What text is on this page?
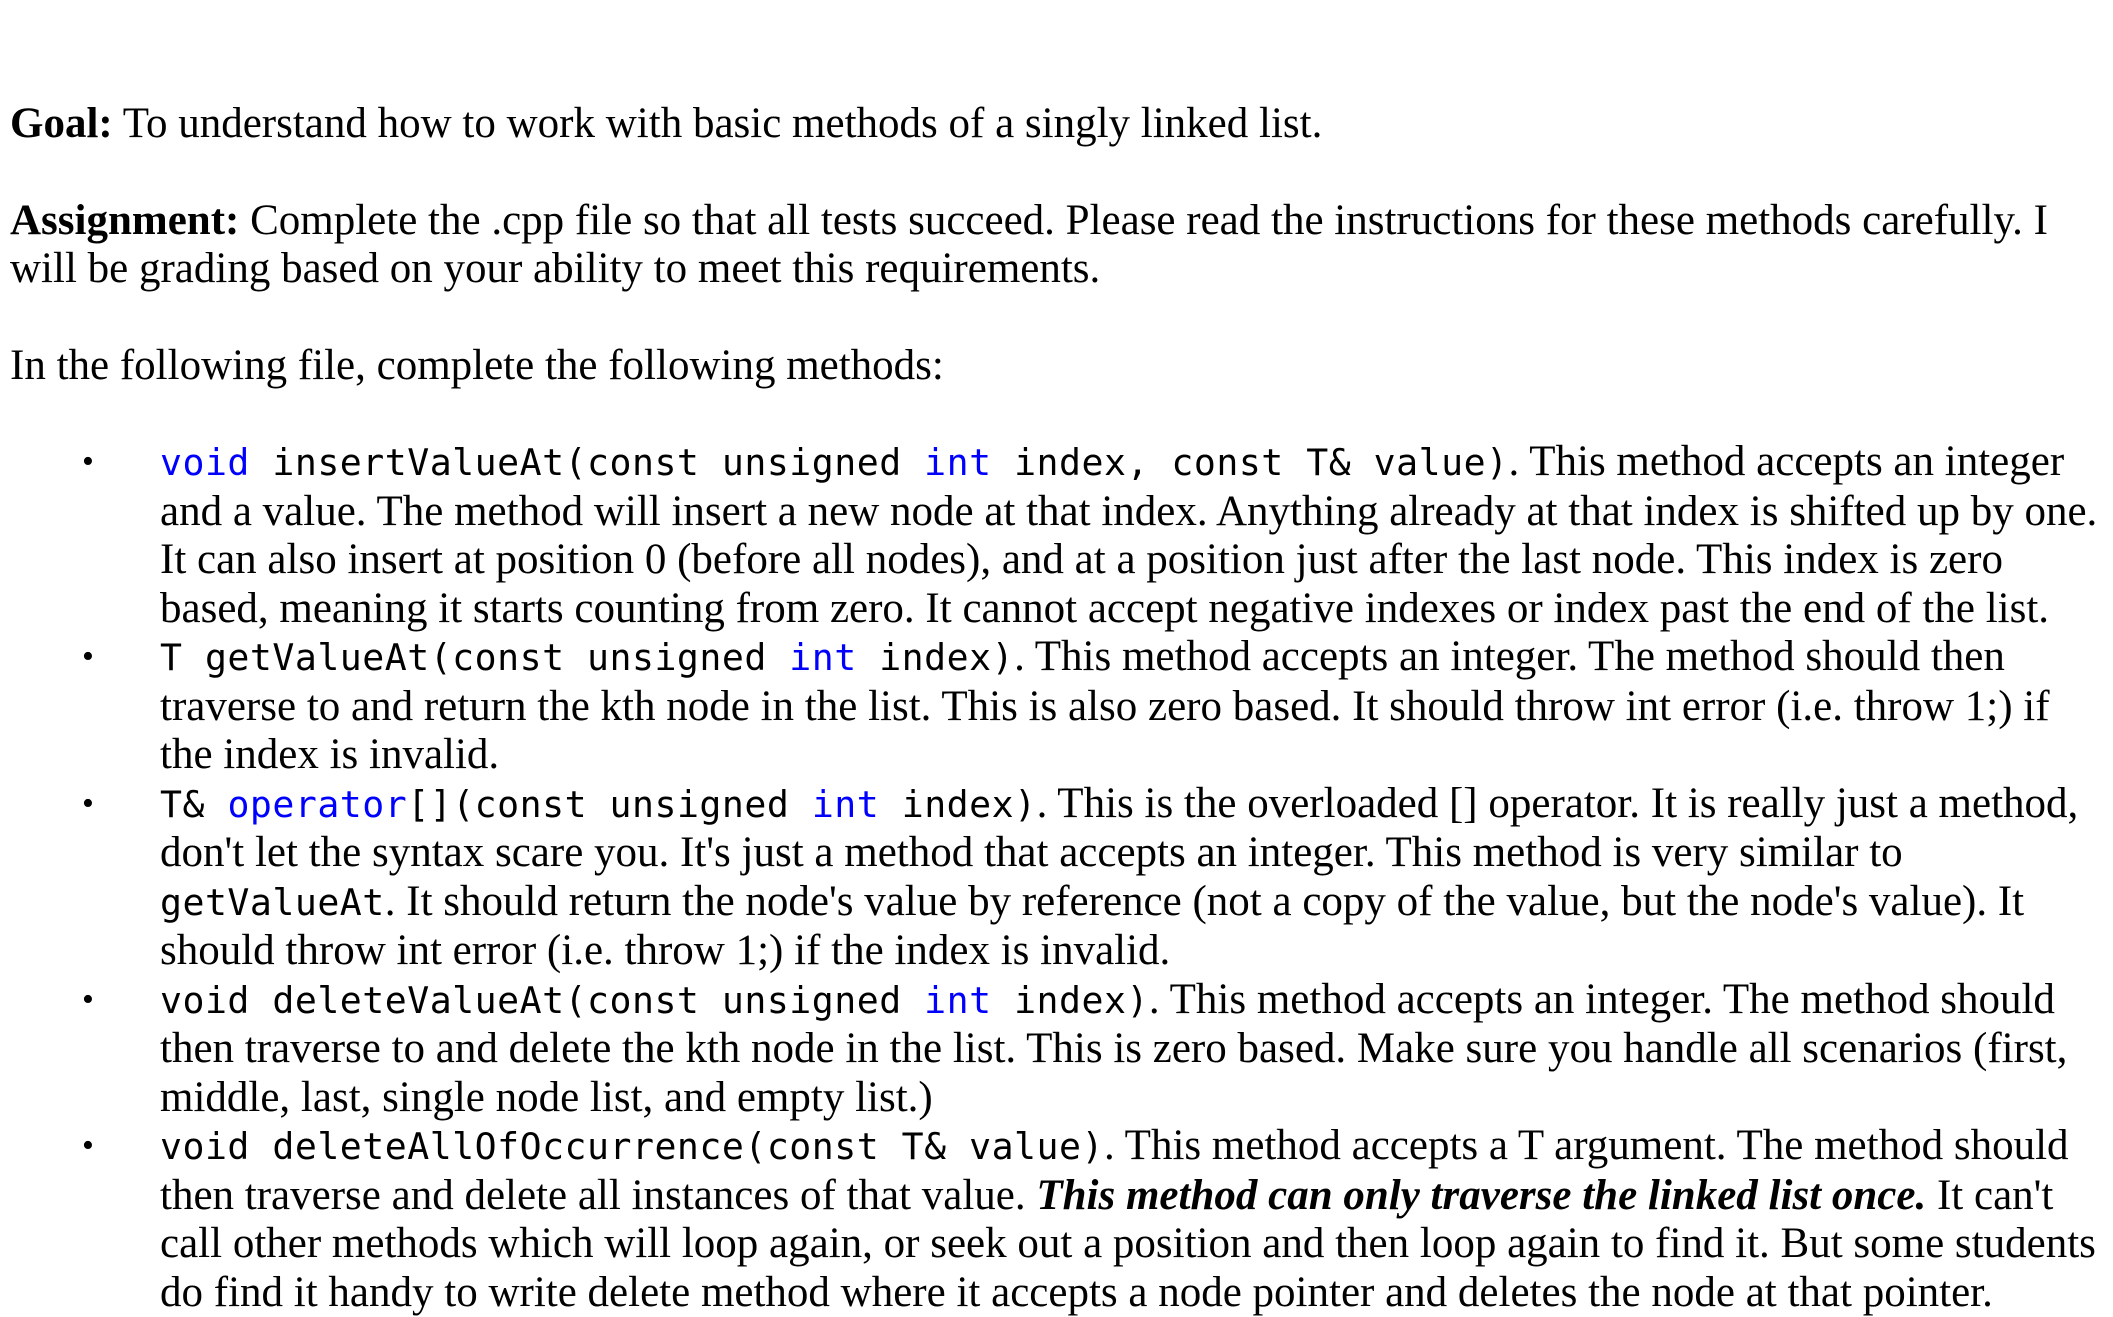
Goal: To understand how to work with basic methods of a singly linked list.

Assignment: Complete the .cpp file so that all tests succeed. Please read the instructions for these methods carefully. I will be grading based on your ability to meet this requirements.

In the following file, complete the following methods:

• void insertValueAt(const unsigned int index, const T& value). This method accepts an integer and a value. The method will insert a new node at that index. Anything already at that index is shifted up by one. It can also insert at position 0 (before all nodes), and at a position just after the last node. This index is zero based, meaning it starts counting from zero. It cannot accept negative indexes or index past the end of the list.
• T getValueAt(const unsigned int index). This method accepts an integer. The method should then traverse to and return the kth node in the list. This is also zero based. It should throw int error (i.e. throw 1;) if the index is invalid.
• T& operator[](const unsigned int index). This is the overloaded [] operator. It is really just a method, don't let the syntax scare you. It's just a method that accepts an integer. This method is very similar to getValueAt. It should return the node's value by reference (not a copy of the value, but the node's value). It should throw int error (i.e. throw 1;) if the index is invalid.
• void deleteValueAt(const unsigned int index). This method accepts an integer. The method should then traverse to and delete the kth node in the list. This is zero based. Make sure you handle all scenarios (first, middle, last, single node list, and empty list.)
• void deleteAllOfOccurrence(const T& value). This method accepts a T argument. The method should then traverse and delete all instances of that value. This method can only traverse the linked list once. It can't call other methods which will loop again, or seek out a position and then loop again to find it. But some students do find it handy to write delete method where it accepts a node pointer and deletes the node at that pointer.
